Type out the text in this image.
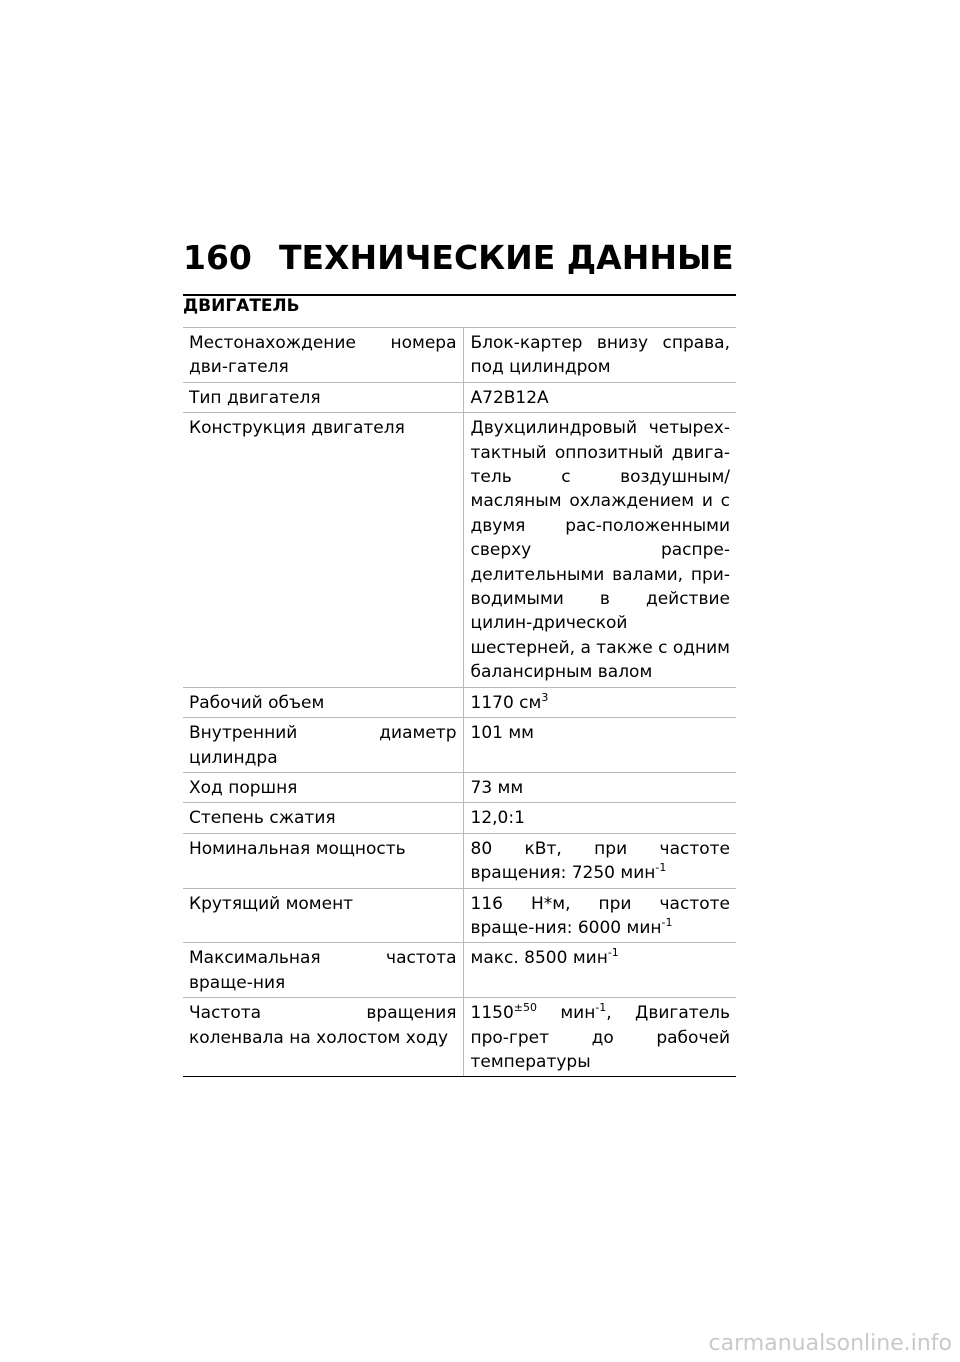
160 ТЕХНИЧЕСКИЕ ДАННЫЕ
ДВИГАТЕЛЬ
Местонахождение номера дви-гателя	Блок-картер внизу справа, под цилиндром
Тип двигателя	A72B12A
Конструкция двигателя	Двухцилиндровый четырех-тактный оппозитный двига-тель с воздушным/масляным охлаждением и с двумя рас-положенными сверху распре-делительными валами, при-водимыми в действие цилин-дрической шестерней, а также с одним балансирным валом
Рабочий объем	1170 $см^3$
Внутренний диаметр цилиндра	101 мм
Ход поршня	73 мм
Степень сжатия	12,0:1
Номинальная мощность	80 кВт, при частоте вращения: 7250 мин$^{-1}$
Крутящий момент	116 Н*м, при частоте враще-ния: 6000 мин$^{-1}$
Максимальная частота враще-ния	макс. 8500 мин$^{-1}$
Частота вращения коленвала на холостом ходу	$1150^{\pm 50}$ мин$^{-1}$, Двигатель про-грет до рабочей температуры
carmanualsonline.info
